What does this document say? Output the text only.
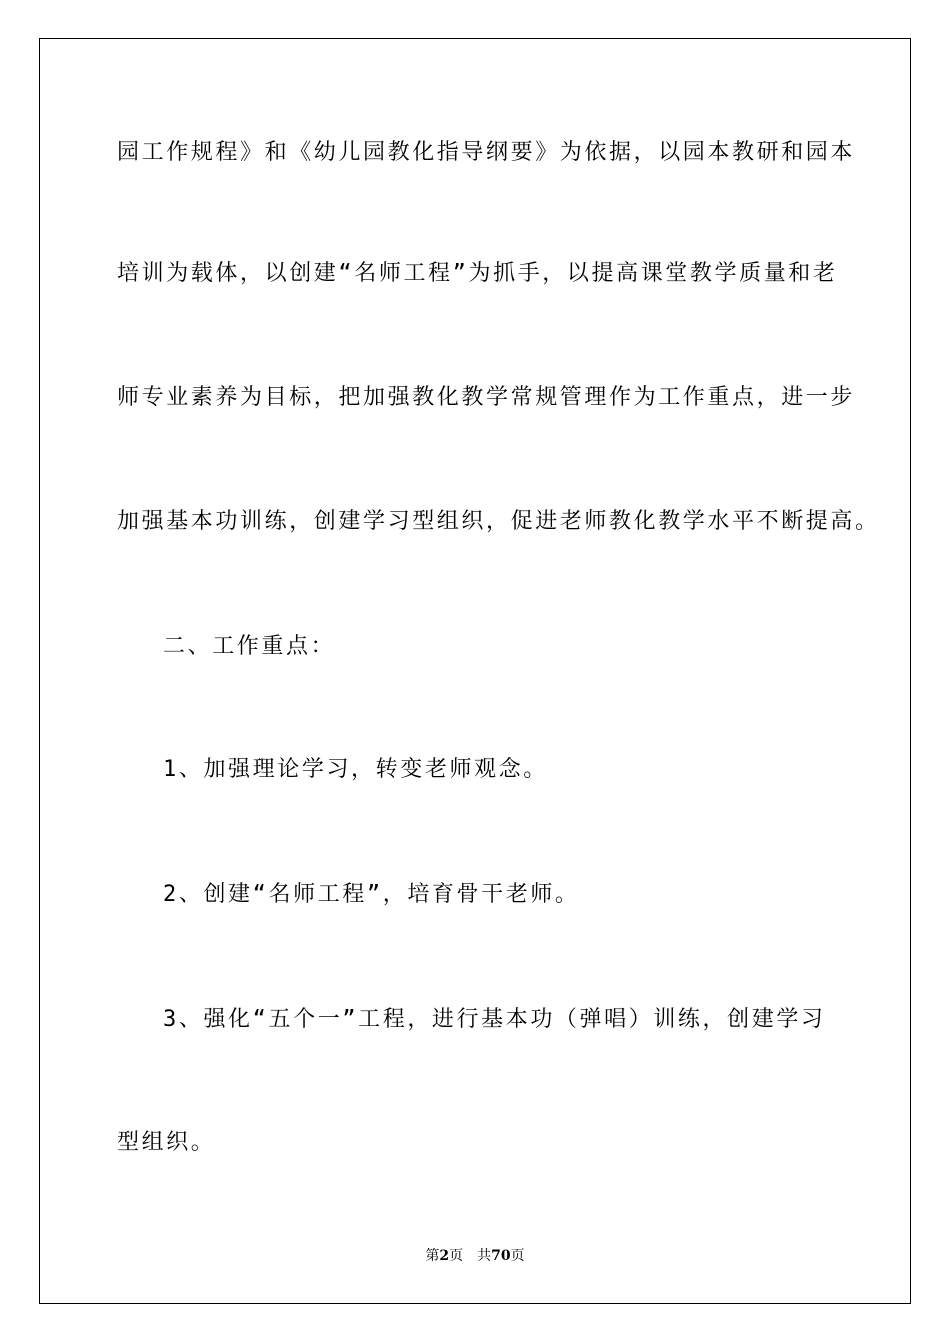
园工作规程》和《幼儿园教化指导纲要》为依据，以园本教研和园本
培训为载体，以创建“名师工程”为抓手，以提高课堂教学质量和老
师专业素养为目标，把加强教化教学常规管理作为工作重点，进一步
加强基本功训练，创建学习型组织，促进老师教化教学水平不断提高。
二、工作重点：
1、加强理论学习，转变老师观念。
2、创建“名师工程”，培育骨干老师。
3、强化“五个一”工程，进行基本功（弹唱）训练，创建学习
型组织。
第2页 共70页
